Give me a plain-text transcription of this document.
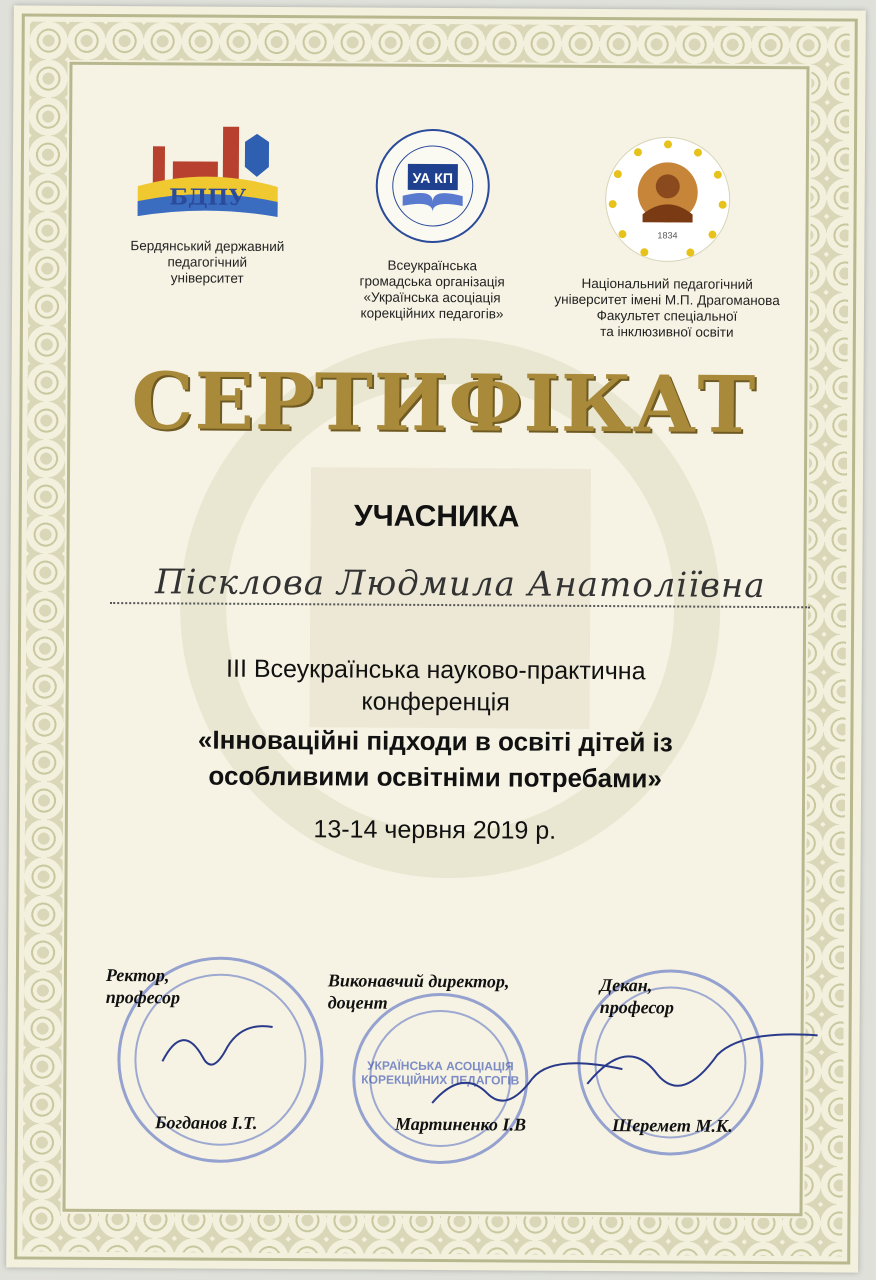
БДПУ
Бердянський державний
педагогічний
університет
УА КП
Всеукраїнська
громадська організація
«Українська асоціація
корекційних педагогів»
1834
Національний педагогічний
університет імені М.П. Драгоманова
Факультет спеціальної
та інклюзивної освіти
СЕРТИФІКАТ
УЧАСНИКА
Пісклова Людмила Анатоліївна
ІІІ Всеукраїнська науково-практична
конференція
«Інноваційні підходи в освіті дітей із
особливими освітніми потребами»
13-14 червня 2019 р.
УКРАЇНСЬКА АСОЦІАЦІЯ КОРЕКЦІЙНИХ ПЕДАГОГІВ
Ректор,
професор
Виконавчий директор,
доцент
Декан,
професор
Богданов І.Т.	Мартиненко І.В	Шеремет М.К.
